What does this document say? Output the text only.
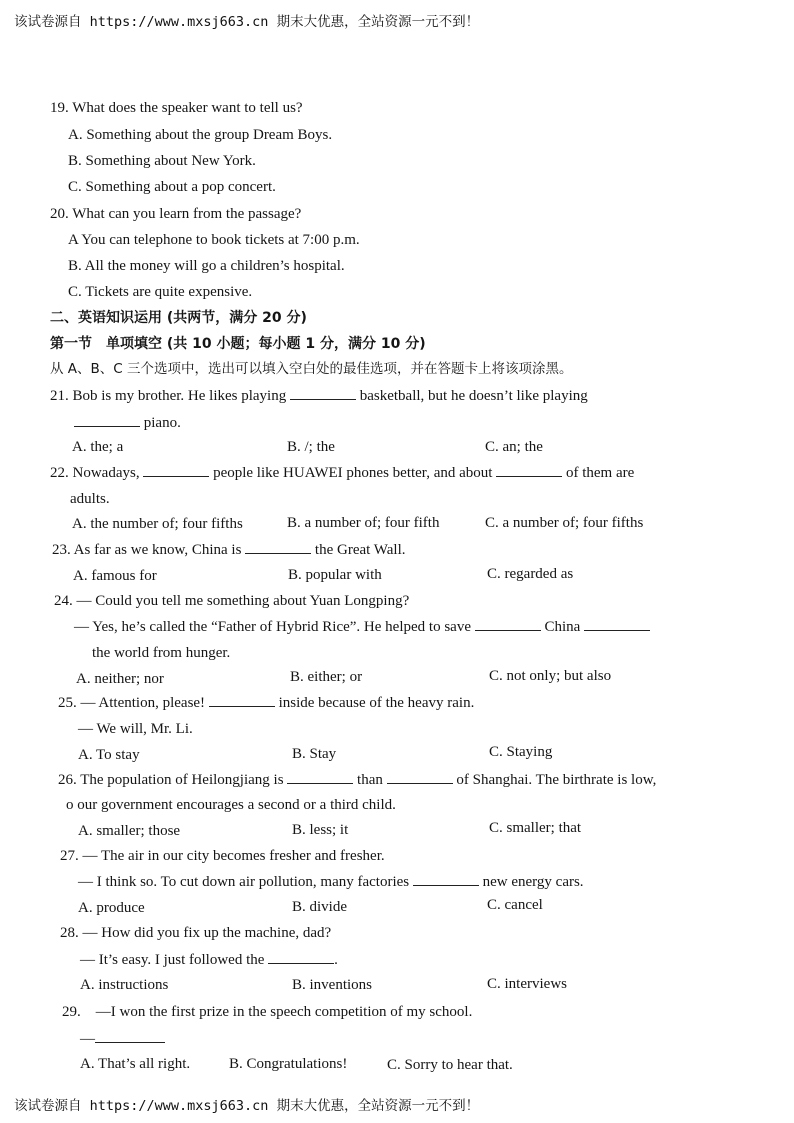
该试卷源自 https://www.mxsj663.cn 期末大优惠，全站资源一元不到！
19. What does the speaker want to tell us?
A. Something about the group Dream Boys.
B. Something about New York.
C. Something about a pop concert.
20. What can you learn from the passage?
A You can telephone to book tickets at 7:00 p.m.
B. All the money will go a children’s hospital.
C. Tickets are quite expensive.
二、英语知识运用 (共两节，满分 20 分)
第一节　单项填空 (共 10 小题；每小题 1 分，满分 10 分)
从 A、B、C 三个选项中，选出可以填入空白处的最佳选项，并在答题卡上将该项涂黑。
21. Bob is my brother. He likes playing	basketball, but he doesn’t like playing
piano.
A. the; a	B. /; the	C. an; the
22. Nowadays,	people like HUAWEI phones better, and about	of them are
adults.
A. the number of; four fifths	B. a number of; four fifth	C. a number of; four fifths
23. As far as we know, China is	the Great Wall.
A. famous for	B. popular with	C. regarded as
24. — Could you tell me something about Yuan Longping?
— Yes, he’s called the “Father of Hybrid Rice”. He helped to save	China
the world from hunger.
A. neither; nor	B. either; or	C. not only; but also
25. — Attention, please!	inside because of the heavy rain.
— We will, Mr. Li.
A. To stay	B. Stay	C. Staying
26. The population of Heilongjiang is	than	of Shanghai. The birthrate is low,
o our government encourages a second or a third child.
A. smaller; those	B. less; it	C. smaller; that
27. — The air in our city becomes fresher and fresher.
— I think so. To cut down air pollution, many factories	new energy cars.
A. produce	B. divide	C. cancel
28. — How did you fix up the machine, dad?
— It’s easy. I just followed the	.
A. instructions	B. inventions	C. interviews
29.　—I won the first prize in the speech competition of my school.
—
A. That’s all right.	B. Congratulations!	C. Sorry to hear that.
该试卷源自 https://www.mxsj663.cn 期末大优惠，全站资源一元不到！
